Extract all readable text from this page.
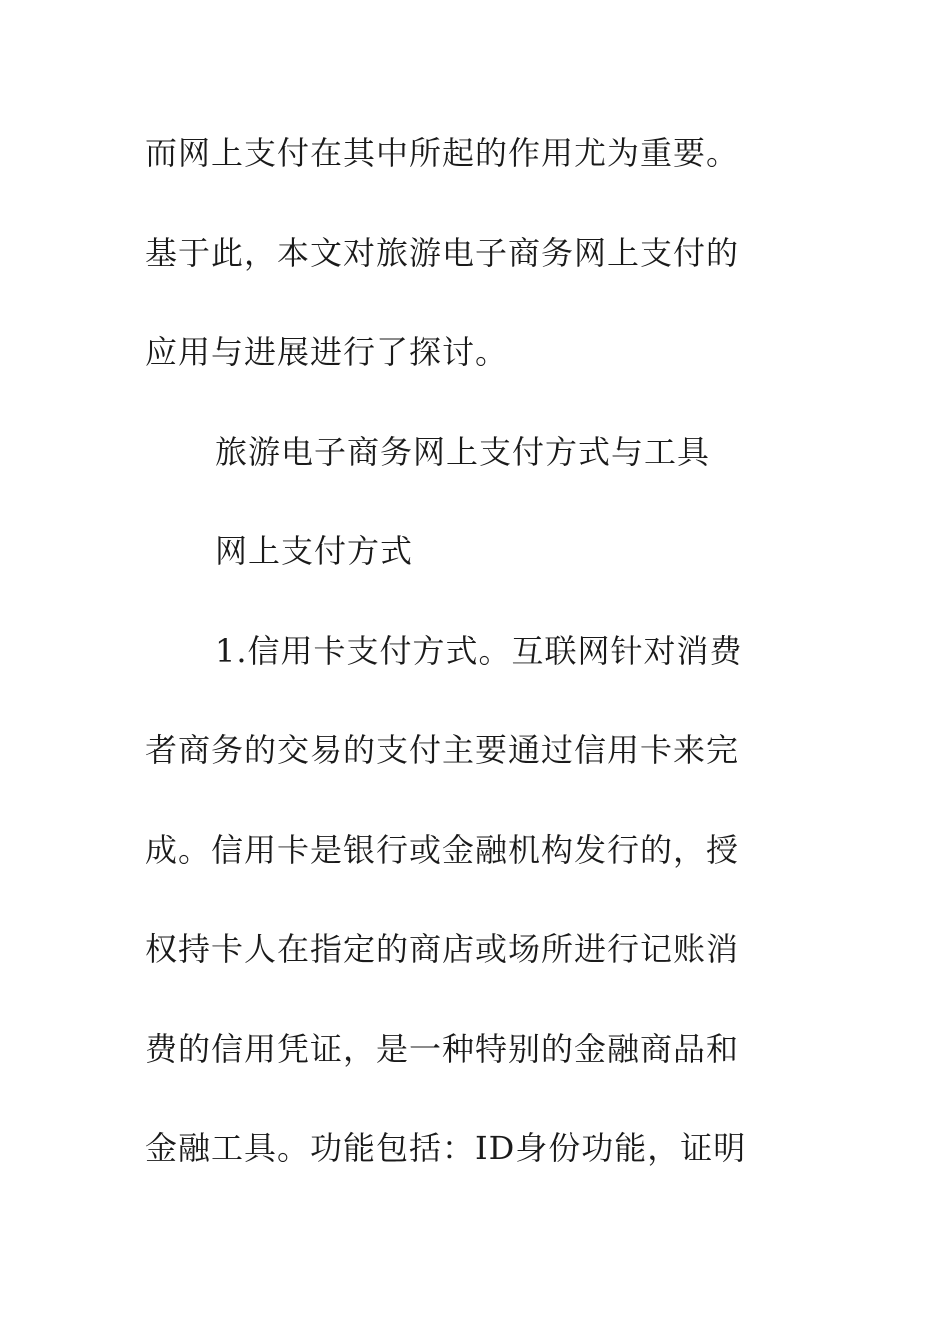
而网上支付在其中所起的作用尤为重要。
基于此，本文对旅游电子商务网上支付的
应用与进展进行了探讨。
旅游电子商务网上支付方式与工具
网上支付方式
1.信用卡支付方式。互联网针对消费
者商务的交易的支付主要通过信用卡来完
成。信用卡是银行或金融机构发行的，授
权持卡人在指定的商店或场所进行记账消
费的信用凭证，是一种特别的金融商品和
金融工具。功能包括：ID身份功能，证明
